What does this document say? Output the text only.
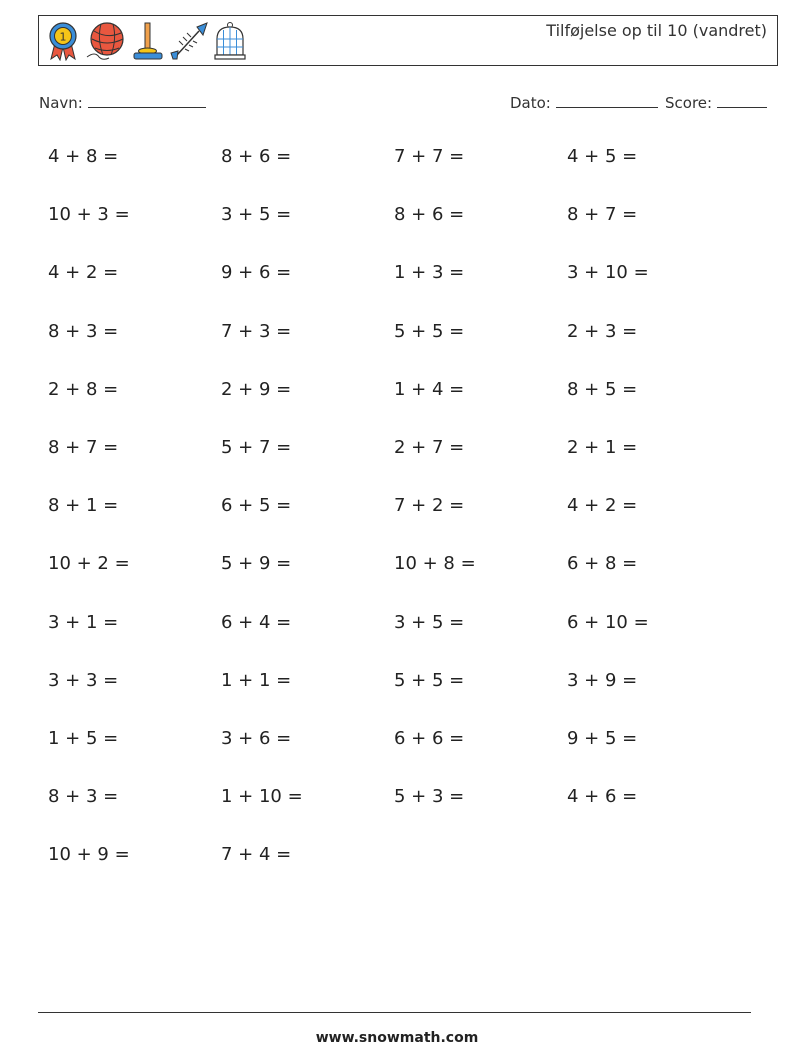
1	Tilføjelse op til 10 (vandret)
Navn:	Dato:	Score:
4 + 8 =	8 + 6 =	7 + 7 =	4 + 5 =
10 + 3 =	3 + 5 =	8 + 6 =	8 + 7 =
4 + 2 =	9 + 6 =	1 + 3 =	3 + 10 =
8 + 3 =	7 + 3 =	5 + 5 =	2 + 3 =
2 + 8 =	2 + 9 =	1 + 4 =	8 + 5 =
8 + 7 =	5 + 7 =	2 + 7 =	2 + 1 =
8 + 1 =	6 + 5 =	7 + 2 =	4 + 2 =
10 + 2 =	5 + 9 =	10 + 8 =	6 + 8 =
3 + 1 =	6 + 4 =	3 + 5 =	6 + 10 =
3 + 3 =	1 + 1 =	5 + 5 =	3 + 9 =
1 + 5 =	3 + 6 =	6 + 6 =	9 + 5 =
8 + 3 =	1 + 10 =	5 + 3 =	4 + 6 =
10 + 9 =	7 + 4 =
www.snowmath.com
